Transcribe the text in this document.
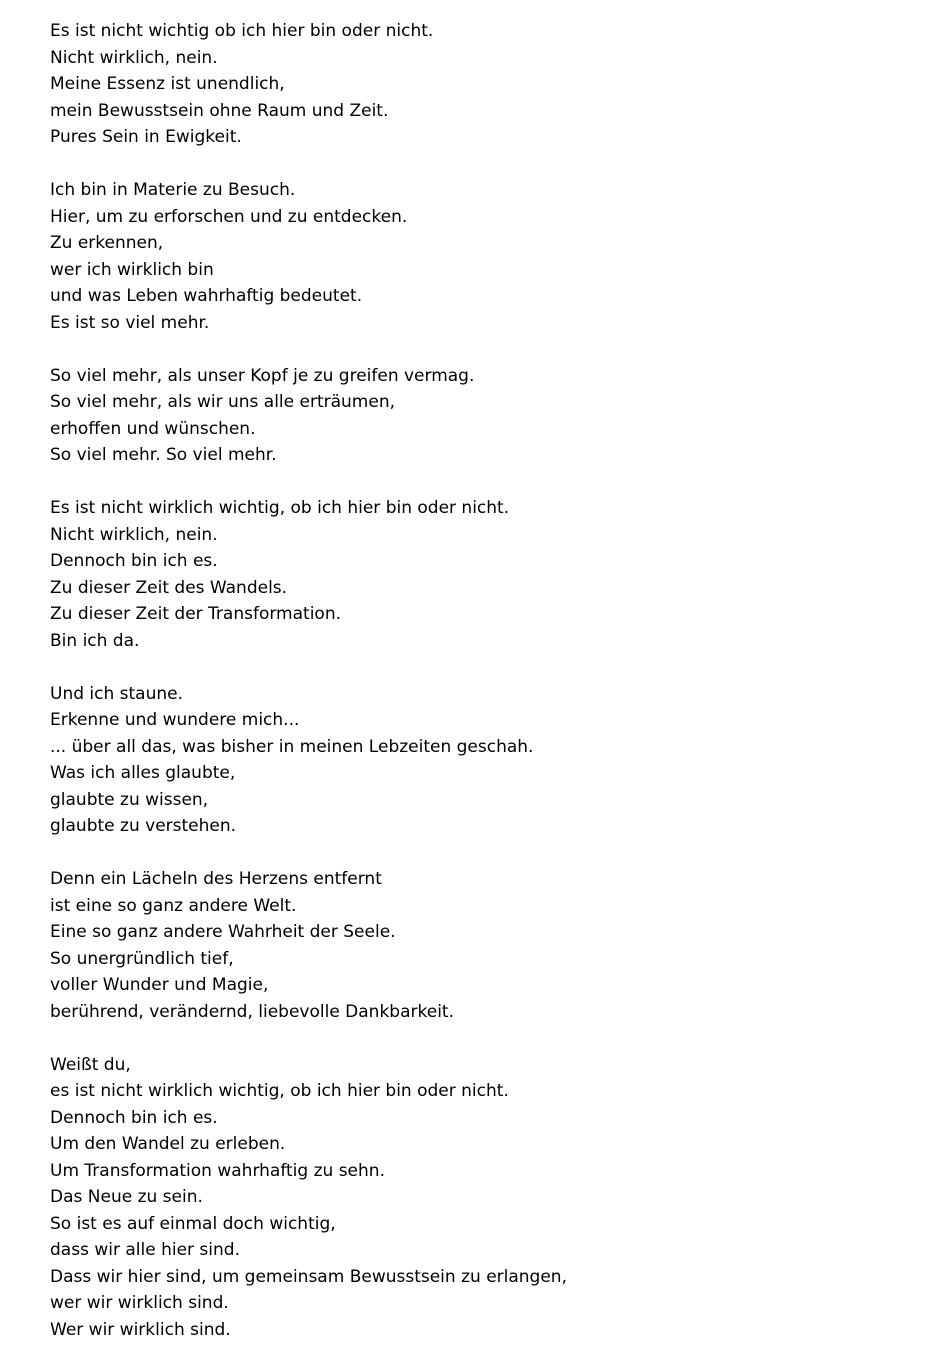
Es ist nicht wichtig ob ich hier bin oder nicht.
Nicht wirklich, nein.
Meine Essenz ist unendlich,
mein Bewusstsein ohne Raum und Zeit.
Pures Sein in Ewigkeit.
Ich bin in Materie zu Besuch.
Hier, um zu erforschen und zu entdecken.
Zu erkennen,
wer ich wirklich bin
und was Leben wahrhaftig bedeutet.
Es ist so viel mehr.
So viel mehr, als unser Kopf je zu greifen vermag.
So viel mehr, als wir uns alle erträumen,
erhoffen und wünschen.
So viel mehr. So viel mehr.
Es ist nicht wirklich wichtig, ob ich hier bin oder nicht.
Nicht wirklich, nein.
Dennoch bin ich es.
Zu dieser Zeit des Wandels.
Zu dieser Zeit der Transformation.
Bin ich da.
Und ich staune.
Erkenne und wundere mich...
... über all das, was bisher in meinen Lebzeiten geschah.
Was ich alles glaubte,
glaubte zu wissen,
glaubte zu verstehen.
Denn ein Lächeln des Herzens entfernt
ist eine so ganz andere Welt.
Eine so ganz andere Wahrheit der Seele.
So unergründlich tief,
voller Wunder und Magie,
berührend, verändernd, liebevolle Dankbarkeit.
Weißt du,
es ist nicht wirklich wichtig, ob ich hier bin oder nicht.
Dennoch bin ich es.
Um den Wandel zu erleben.
Um Transformation wahrhaftig zu sehn.
Das Neue zu sein.
So ist es auf einmal doch wichtig,
dass wir alle hier sind.
Dass wir hier sind, um gemeinsam Bewusstsein zu erlangen,
wer wir wirklich sind.
Wer wir wirklich sind.
